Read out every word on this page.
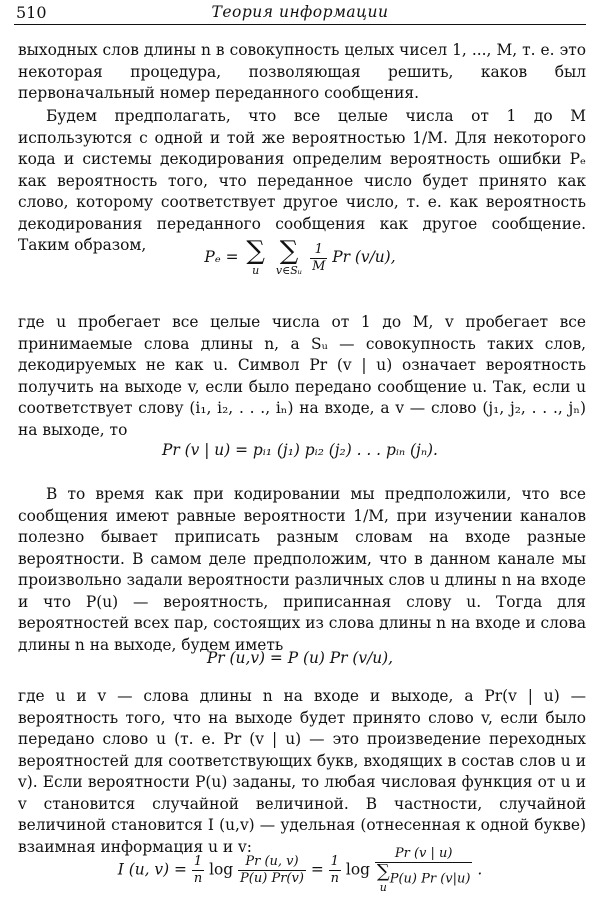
510	Теория информации

выходных слов длины n в совокупность целых чисел 1, ..., M, т. е. это некоторая процедура, позволяющая решить, каков был первоначальный номер переданного сообщения.

Будем предполагать, что все целые числа от 1 до M используются с одной и той же вероятностью 1/M. Для некоторого кода и системы декодирования определим вероятность ошибки Pₑ как вероятность того, что переданное число будет принято как слово, которому соответствует другое число, т. е. как вероятность декодирования переданного сообщения как другое сообщение. Таким образом,

Pₑ = ∑
u

∑
v∈Sᵤ
$\frac{1}{M}$ Pr (v/u),

где u пробегает все целые числа от 1 до M, v пробегает все принимаемые слова длины n, а Sᵤ — совокупность таких слов, декодируемых не как u. Символ Pr (v | u) означает вероятность получить на выходе v, если было передано сообщение u. Так, если u соответствует слову (i₁, i₂, . . ., iₙ) на входе, а v — слово (j₁, j₂, . . ., jₙ) на выходе, то

Pr (v | u) = pᵢ₁ (j₁) pᵢ₂ (j₂) . . . pᵢₙ (jₙ).

В то время как при кодировании мы предположили, что все сообщения имеют равные вероятности 1/M, при изучении каналов полезно бывает приписать разным словам на входе разные вероятности. В самом деле предположим, что в данном канале мы произвольно задали вероятности различных слов u длины n на входе и что P(u) — вероятность, приписанная слову u. Тогда для вероятностей всех пар, состоящих из слова длины n на входе и слова длины n на выходе, будем иметь

Pr (u,v) = P (u) Pr (v/u),

где u и v — слова длины n на входе и выходе, а Pr(v | u) — вероятность того, что на выходе будет принято слово v, если было передано слово u (т. е. Pr (v | u) — это произведение переходных вероятностей для соответствующих букв, входящих в состав слов u и v). Если вероятности P(u) заданы, то любая числовая функция от u и v становится случайной величиной. В частности, случайной величиной становится I (u,v) — удельная (отнесенная к одной букве) взаимная информация u и v:

I (u, $v) = \frac{1}{n}$ $\log \frac{Pr (u, v)}{P(u) Pr(v)} = \frac{1}{n}$ log Pr (v | u)
∑
u
P(u) Pr (v|u) .
